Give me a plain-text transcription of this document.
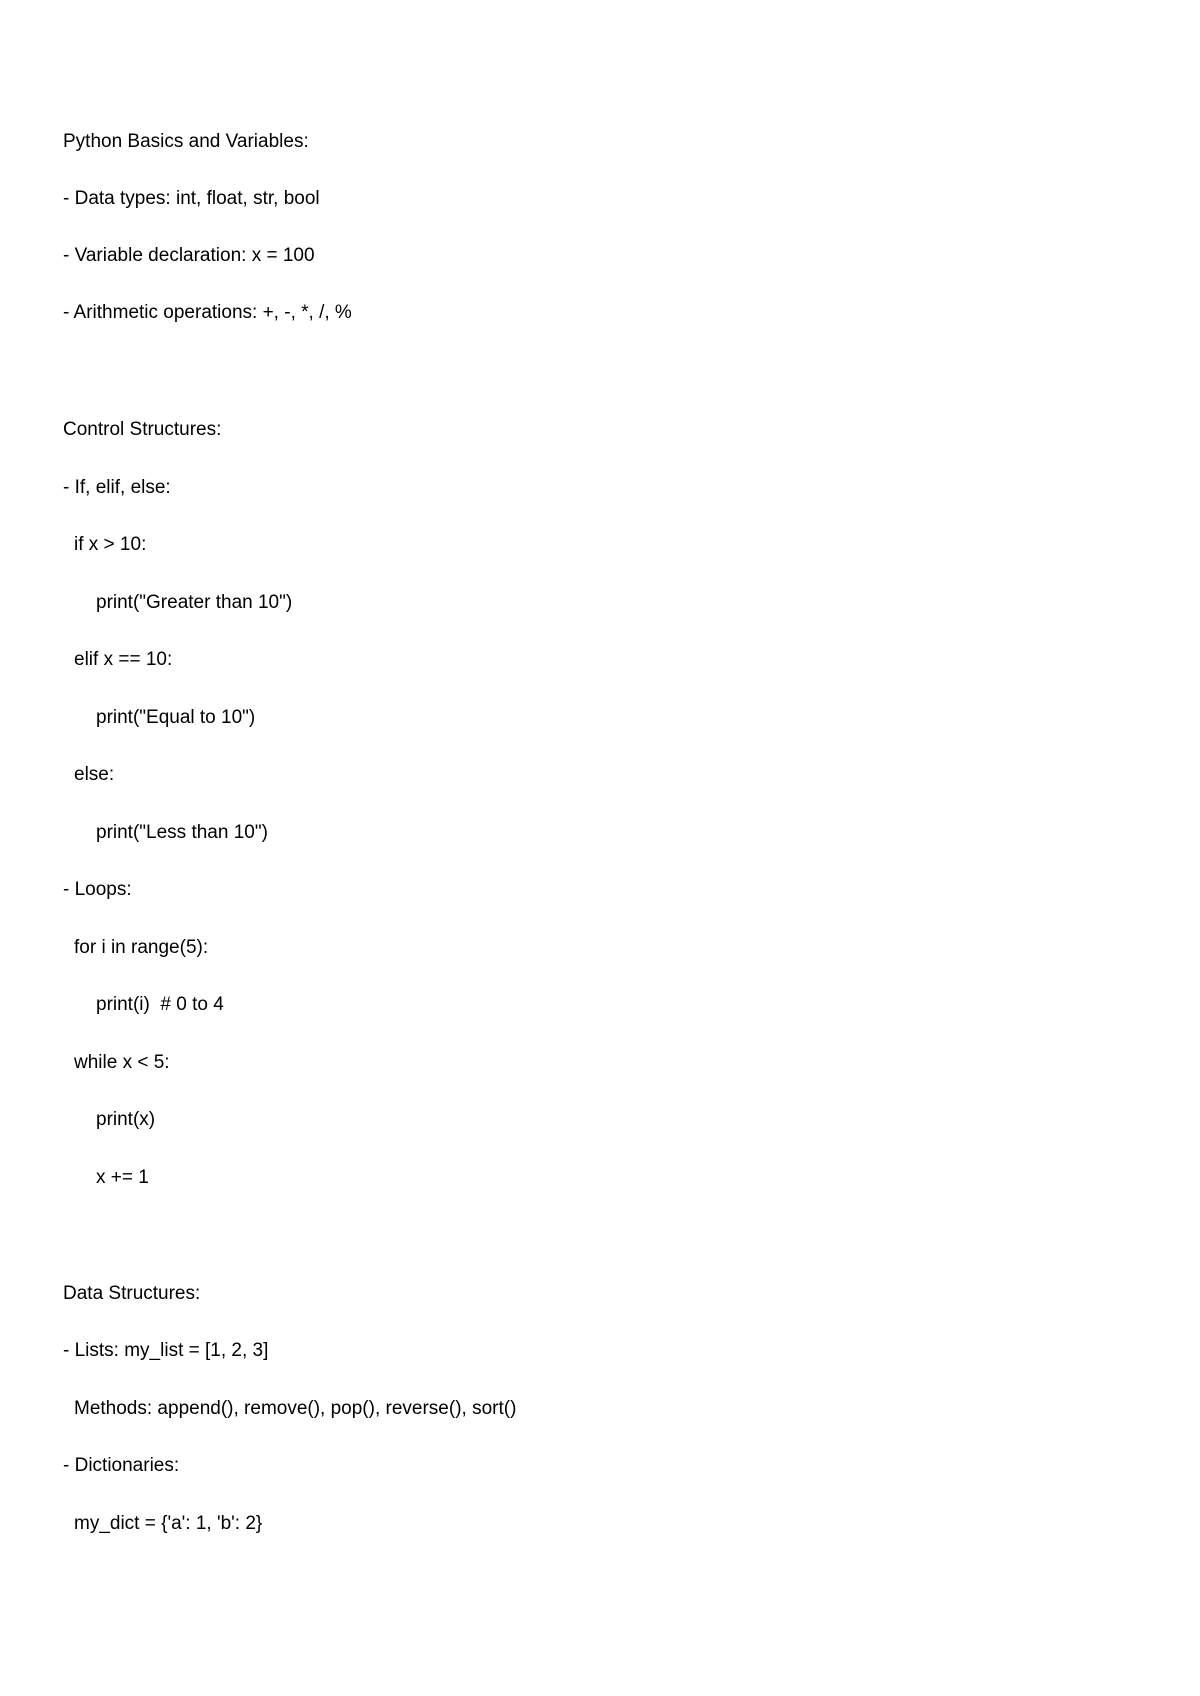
Python Basics and Variables:

- Data types: int, float, str, bool

- Variable declaration: x = 100

- Arithmetic operations: +, -, *, /, %

Control Structures:

- If, elif, else:

if x > 10:

print("Greater than 10")

elif x == 10:

print("Equal to 10")

else:

print("Less than 10")

- Loops:

for i in range(5):

print(i)  # 0 to 4

while x < 5:

print(x)

x += 1

Data Structures:

- Lists: my_list = [1, 2, 3]

Methods: append(), remove(), pop(), reverse(), sort()

- Dictionaries:

my_dict = {'a': 1, 'b': 2}
